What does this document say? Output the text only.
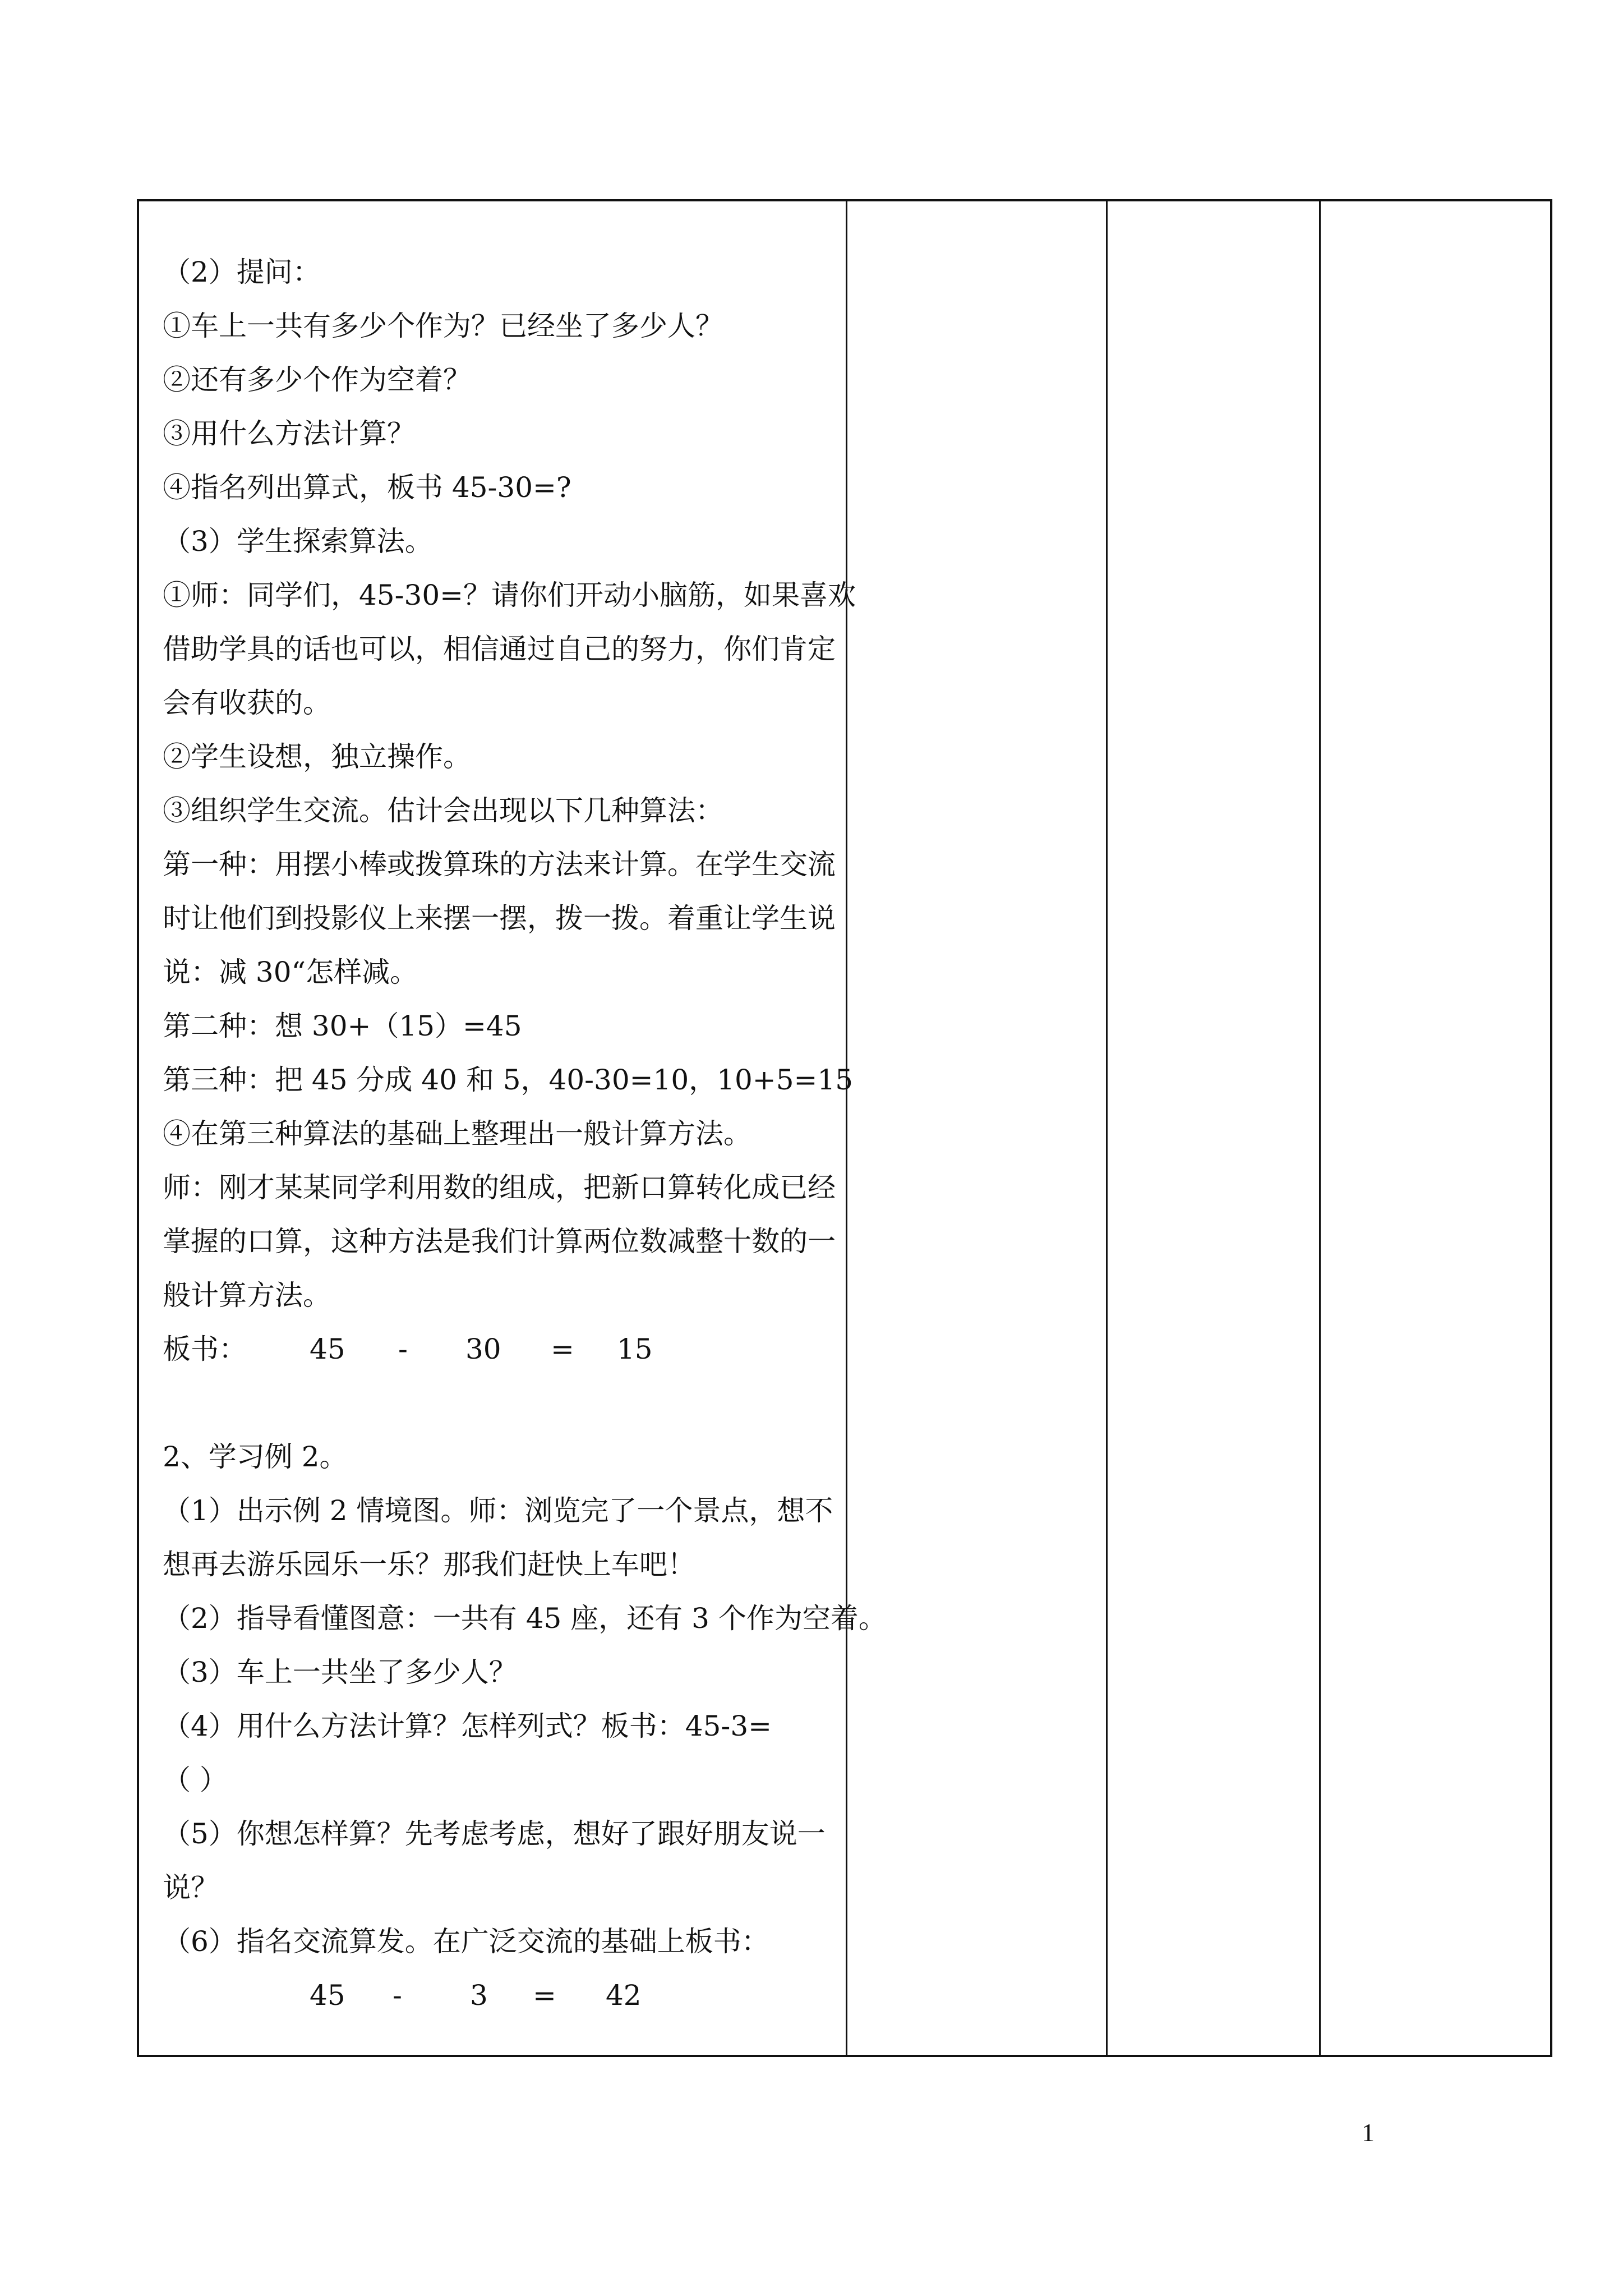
（2）提问：
①车上一共有多少个作为？已经坐了多少人？
②还有多少个作为空着？
③用什么方法计算？
④指名列出算式，板书 45-30=?
（3）学生探索算法。
①师：同学们，45-30=？请你们开动小脑筋，如果喜欢
借助学具的话也可以，相信通过自己的努力，你们肯定
会有收获的。
②学生设想，独立操作。
③组织学生交流。估计会出现以下几种算法：
第一种：用摆小棒或拨算珠的方法来计算。在学生交流
时让他们到投影仪上来摆一摆，拨一拨。着重让学生说
说：减 30“怎样减。
第二种：想 30+（15）=45
第三种：把 45 分成 40 和 5，40-30=10，10+5=15
④在第三种算法的基础上整理出一般计算方法。
师：刚才某某同学利用数的组成，把新口算转化成已经
掌握的口算，这种方法是我们计算两位数减整十数的一
般计算方法。
板书： 45 - 30 = 15
2、学习例 2。
（1）出示例 2 情境图。师：浏览完了一个景点，想不
想再去游乐园乐一乐？那我们赶快上车吧！
（2）指导看懂图意：一共有 45 座，还有 3 个作为空着。
（3）车上一共坐了多少人？
（4）用什么方法计算？怎样列式？板书：45-3=
（ ）
（5）你想怎样算？先考虑考虑，想好了跟好朋友说一
说？
（6）指名交流算发。在广泛交流的基础上板书：
45 - 3 = 42
1
